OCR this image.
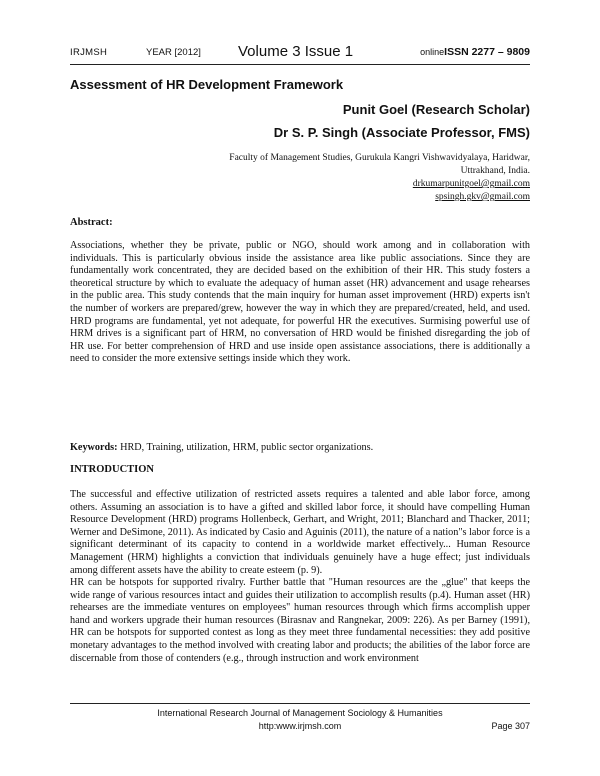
IRJMSH	YEAR [2012] Volume 3 Issue 1	onlineISSN 2277 – 9809
Assessment of HR Development Framework
Punit Goel (Research Scholar)
Dr S. P. Singh (Associate Professor, FMS)
Faculty of Management Studies, Gurukula Kangri Vishwavidyalaya, Haridwar,
Uttrakhand, India.
drkumarpunitgoel@gmail.com
spsingh.gkv@gmail.com
Abstract:
Associations, whether they be private, public or NGO, should work among and in collaboration with individuals. This is particularly obvious inside the assistance area like public associations. Since they are fundamentally work concentrated, they are decided based on the exhibition of their HR. This study fosters a theoretical structure by which to evaluate the adequacy of human asset (HR) advancement and usage rehearses in the public area. This study contends that the main inquiry for human asset improvement (HRD) experts isn't the number of workers are prepared/grew, however the way in which they are prepared/created, held, and used. HRD programs are fundamental, yet not adequate, for powerful HR the executives. Surmising powerful use of HRM drives is a significant part of HRM, no conversation of HRD would be finished disregarding the job of HR use. For better comprehension of HRD and use inside open assistance associations, there is additionally a need to consider the more extensive settings inside which they work.
Keywords: HRD, Training, utilization, HRM, public sector organizations.
INTRODUCTION
The successful and effective utilization of restricted assets requires a talented and able labor force, among others. Assuming an association is to have a gifted and skilled labor force, it should have compelling Human Resource Development (HRD) programs Hollenbeck, Gerhart, and Wright, 2011; Blanchard and Thacker, 2011; Werner and DeSimone, 2011). As indicated by Casio and Aguinis (2011), the nature of a nation"s labor force is a significant determinant of its capacity to contend in a worldwide market effectively... Human Resource Management (HRM) highlights a conviction that individuals genuinely have a huge effect; just individuals among different assets have the ability to create esteem (p. 9).
HR can be hotspots for supported rivalry. Further battle that "Human resources are the „glue" that keeps the wide range of various resources intact and guides their utilization to accomplish results (p.4). Human asset (HR) rehearses are the immediate ventures on employees" human resources through which firms accomplish upper hand and workers upgrade their human resources (Birasnav and Rangnekar, 2009: 226). As per Barney (1991), HR can be hotspots for supported contest as long as they meet three fundamental necessities: they add positive monetary advantages to the method involved with creating labor and products; the abilities of the labor force are discernable from those of contenders (e.g., through instruction and work environment
International Research Journal of Management Sociology & Humanities
http:www.irjmsh.com	Page 307
